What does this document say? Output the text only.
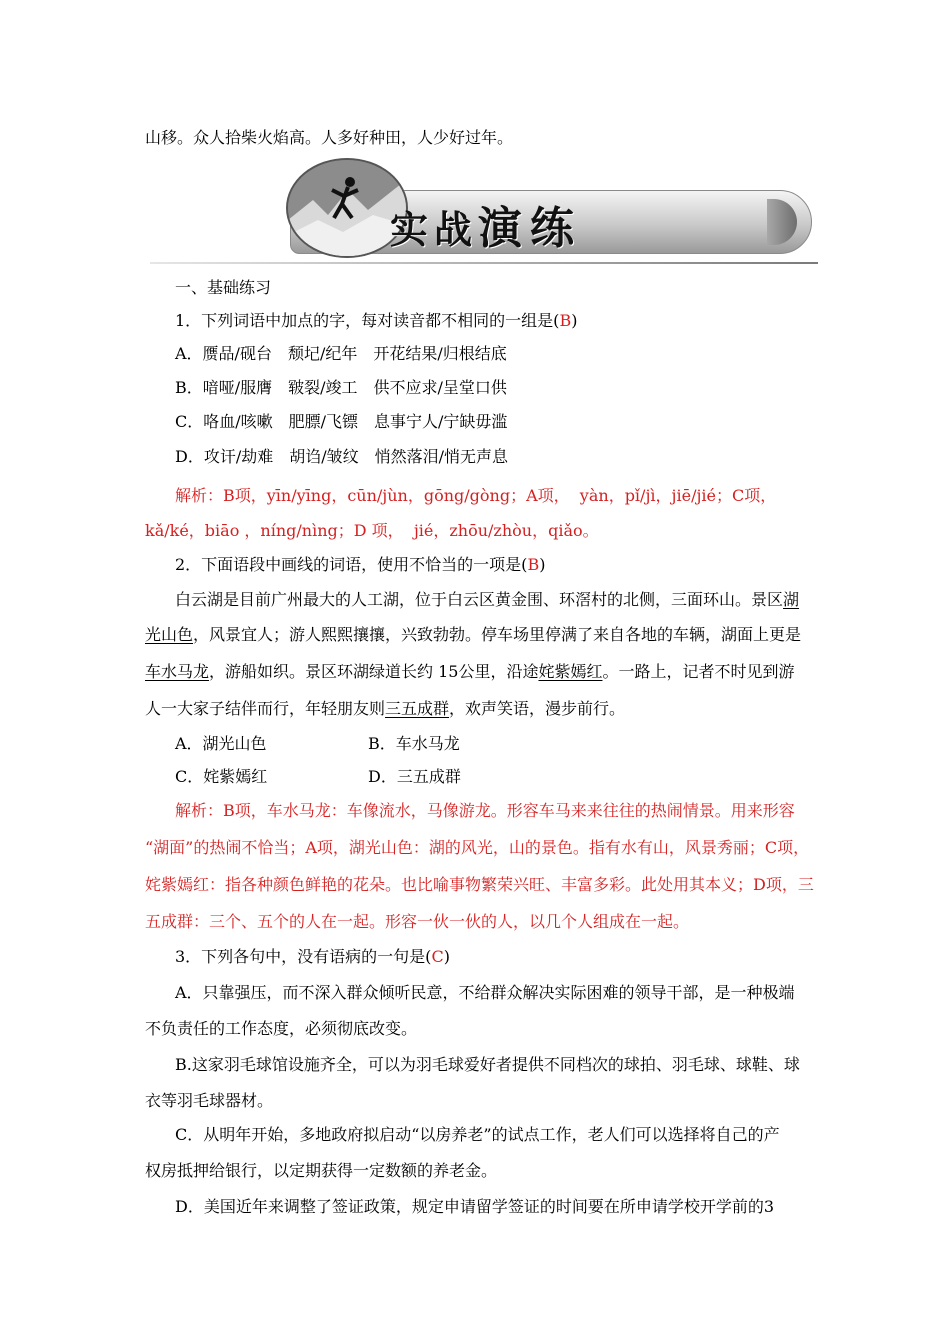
山移。众人拾柴火焰高。人多好种田，人少好过年。
实战演练
一、基础练习
1．下列词语中加点的字，每对读音都不相同的一组是(B)
A．赝品/砚台　颓圮/纪年　开花结果/归根结底
B．喑哑/服膺　皲裂/竣工　供不应求/呈堂口供
C．咯血/咳嗽　肥膘/飞镖　息事宁人/宁缺毋滥
D．攻讦/劫难　胡诌/皱纹　悄然落泪/悄无声息
解析：B项，yīn/yīng，cūn/jùn，gōng/gòng；A项，  yàn，pǐ/jì，jiē/jié；C项，
kǎ/ké，biāo ，níng/nìng；D 项，  jié，zhōu/zhòu，qiǎo。
2．下面语段中画线的词语，使用不恰当的一项是(B)
白云湖是目前广州最大的人工湖，位于白云区黄金围、环滘村的北侧，三面环山。景区湖
光山色，风景宜人；游人熙熙攘攘，兴致勃勃。停车场里停满了来自各地的车辆，湖面上更是
车水马龙，游船如织。景区环湖绿道长约 15公里，沿途姹紫嫣红。一路上，记者不时见到游
人一大家子结伴而行，年轻朋友则三五成群，欢声笑语，漫步前行。
A．湖光山色	B．车水马龙
C．姹紫嫣红	D．三五成群
解析：B项，车水马龙：车像流水，马像游龙。形容车马来来往往的热闹情景。用来形容
“湖面”的热闹不恰当；A项，湖光山色：湖的风光，山的景色。指有水有山，风景秀丽；C项，
姹紫嫣红：指各种颜色鲜艳的花朵。也比喻事物繁荣兴旺、丰富多彩。此处用其本义；D项，三
五成群：三个、五个的人在一起。形容一伙一伙的人，以几个人组成在一起。
3．下列各句中，没有语病的一句是(C)
A．只靠强压，而不深入群众倾听民意，不给群众解决实际困难的领导干部，是一种极端
不负责任的工作态度，必须彻底改变。
B.这家羽毛球馆设施齐全，可以为羽毛球爱好者提供不同档次的球拍、羽毛球、球鞋、球
衣等羽毛球器材。
C．从明年开始，多地政府拟启动“以房养老”的试点工作，老人们可以选择将自己的产
权房抵押给银行，以定期获得一定数额的养老金。
D．美国近年来调整了签证政策，规定申请留学签证的时间要在所申请学校开学前的3
